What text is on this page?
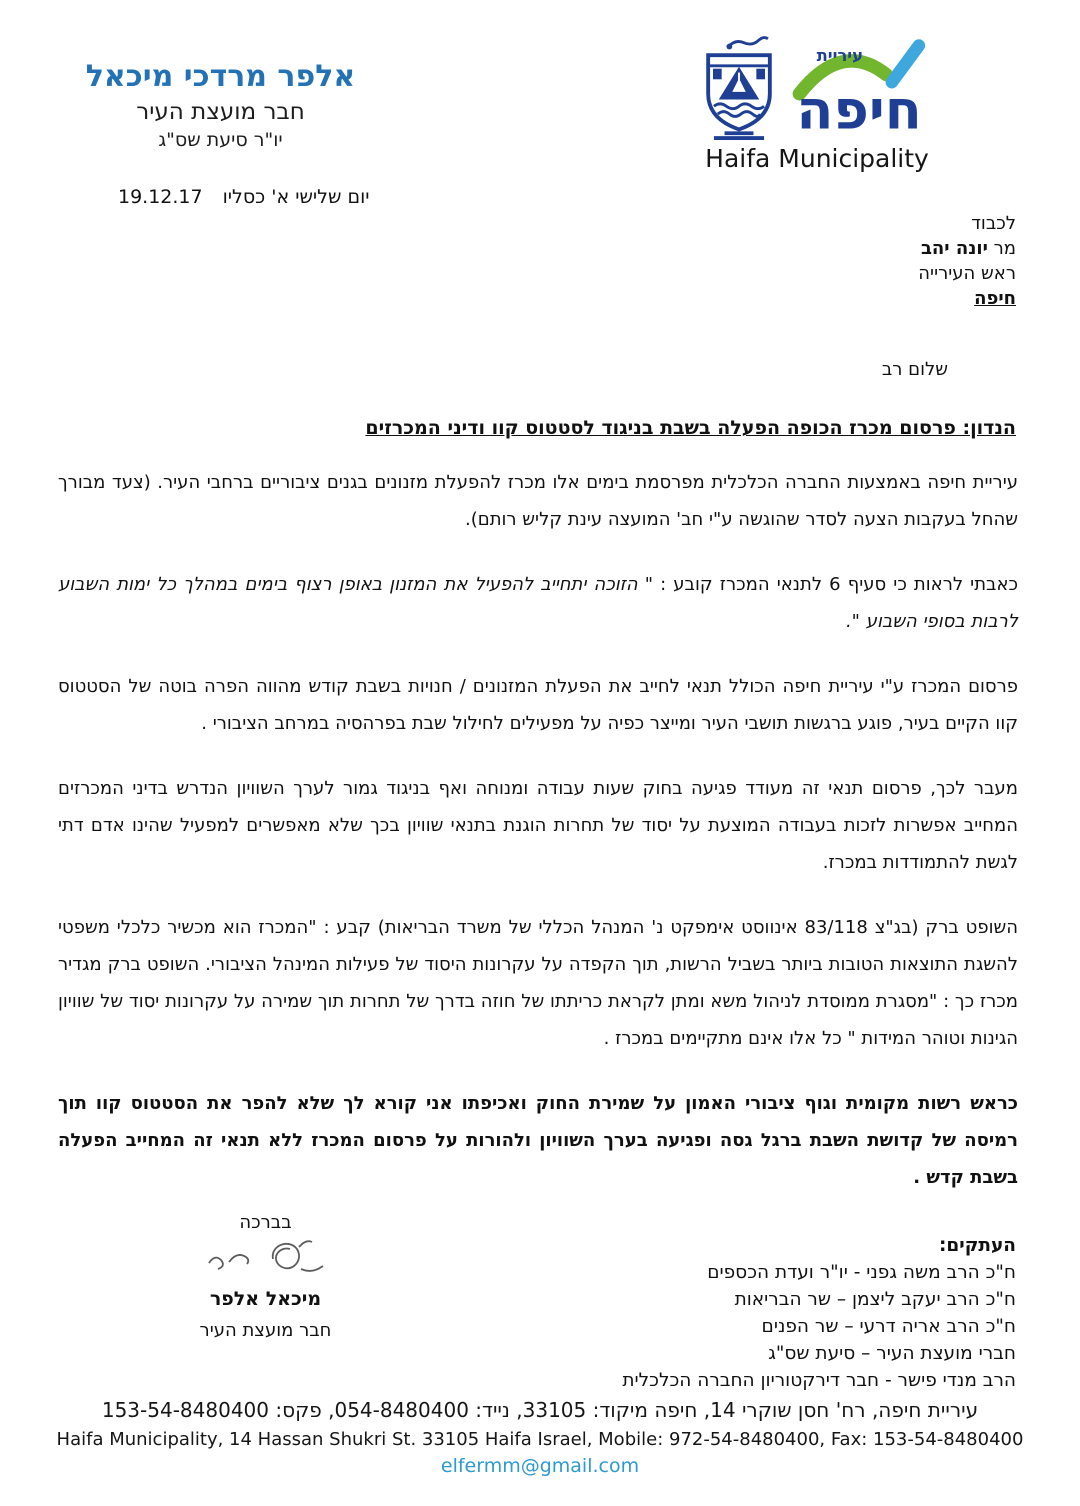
אלפר מרדכי מיכאל
חבר מועצת העיר
יו"ר סיעת שס"ג
עיריית
חיפה
Haifa Municipality
יום שלישי א' כסליו
19.12.17
לכבוד
מר יונה יהב
ראש העירייה
חיפה
שלום רב
הנדון: פרסום מכרז הכופה הפעלה בשבת בניגוד לסטטוס קוו ודיני המכרזים

עיריית חיפה באמצעות החברה הכלכלית מפרסמת בימים אלו מכרז להפעלת מזנונים בגנים ציבוריים ברחבי העיר. (צעד מבורך שהחל בעקבות הצעה לסדר שהוגשה ע"י חב' המועצה עינת קליש רותם).

כאבתי לראות כי סעיף 6 לתנאי המכרז קובע : " הזוכה יתחייב להפעיל את המזנון באופן רצוף בימים במהלך כל ימות השבוע לרבות בסופי השבוע ".

פרסום המכרז ע"י עיריית חיפה הכולל תנאי לחייב את הפעלת המזנונים / חנויות בשבת קודש מהווה הפרה בוטה של הסטטוס קוו הקיים בעיר, פוגע ברגשות תושבי העיר ומייצר כפיה על מפעילים לחילול שבת בפרהסיה במרחב הציבורי .

מעבר לכך, פרסום תנאי זה מעודד פגיעה בחוק שעות עבודה ומנוחה ואף בניגוד גמור לערך השוויון הנדרש בדיני המכרזים המחייב אפשרות לזכות בעבודה המוצעת על יסוד של תחרות הוגנת בתנאי שוויון בכך שלא מאפשרים למפעיל שהינו אדם דתי לגשת להתמודדות במכרז.

השופט ברק (בג"צ 83/118 אינווסט אימפקט נ' המנהל הכללי של משרד הבריאות) קבע : "המכרז הוא מכשיר כלכלי משפטי להשגת התוצאות הטובות ביותר בשביל הרשות, תוך הקפדה על עקרונות היסוד של פעילות המינהל הציבורי. השופט ברק מגדיר מכרז כך : "מסגרת ממוסדת לניהול משא ומתן לקראת כריתתו של חוזה בדרך של תחרות תוך שמירה על עקרונות יסוד של שוויון הגינות וטוהר המידות " כל אלו אינם מתקיימים במכרז .

כראש רשות מקומית וגוף ציבורי האמון על שמירת החוק ואכיפתו אני קורא לך שלא להפר את הסטטוס קוו תוך רמיסה של קדושת השבת ברגל גסה ופגיעה בערך השוויון ולהורות על פרסום המכרז ללא תנאי זה המחייב הפעלה בשבת קדש .

בברכה
מיכאל אלפר
חבר מועצת העיר
העתקים:
ח"כ הרב משה גפני - יו"ר ועדת הכספים
ח"כ הרב יעקב ליצמן – שר הבריאות
ח"כ הרב אריה דרעי – שר הפנים
חברי מועצת העיר – סיעת שס"ג
הרב מנדי פישר - חבר דירקטוריון החברה הכלכלית
עיריית חיפה, רח' חסן שוקרי 14, חיפה מיקוד: 33105, נייד: 054-8480400, פקס: 153-54-8480400
Haifa Municipality, 14 Hassan Shukri St. 33105 Haifa Israel, Mobile: 972-54-8480400, Fax: 153-54-8480400
elfermm@gmail.com
